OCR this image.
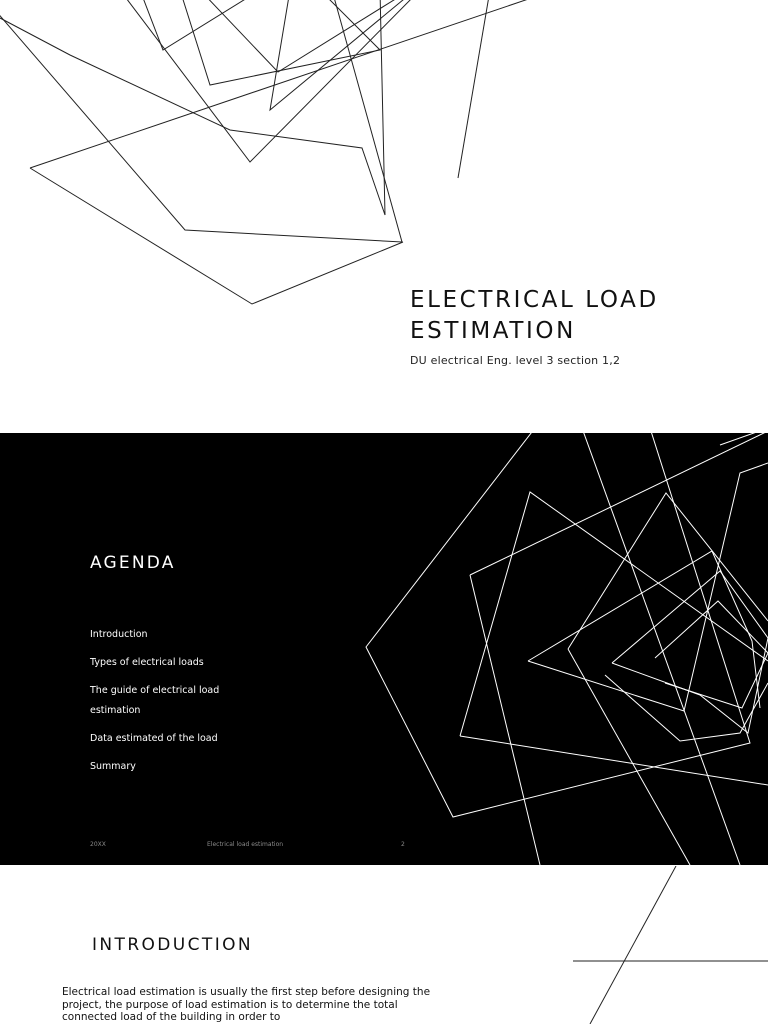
ELECTRICAL LOAD
ESTIMATION
DU electrical Eng. level 3 section 1,2
AGENDA
Introduction
Types of electrical loads
The guide of electrical load estimation
Data estimated of the load
Summary
20XX	Electrical load estimation	2
INTRODUCTION

Electrical load estimation is usually the first step before designing the project, the purpose of load estimation is to determine the total connected load of the building in order to
